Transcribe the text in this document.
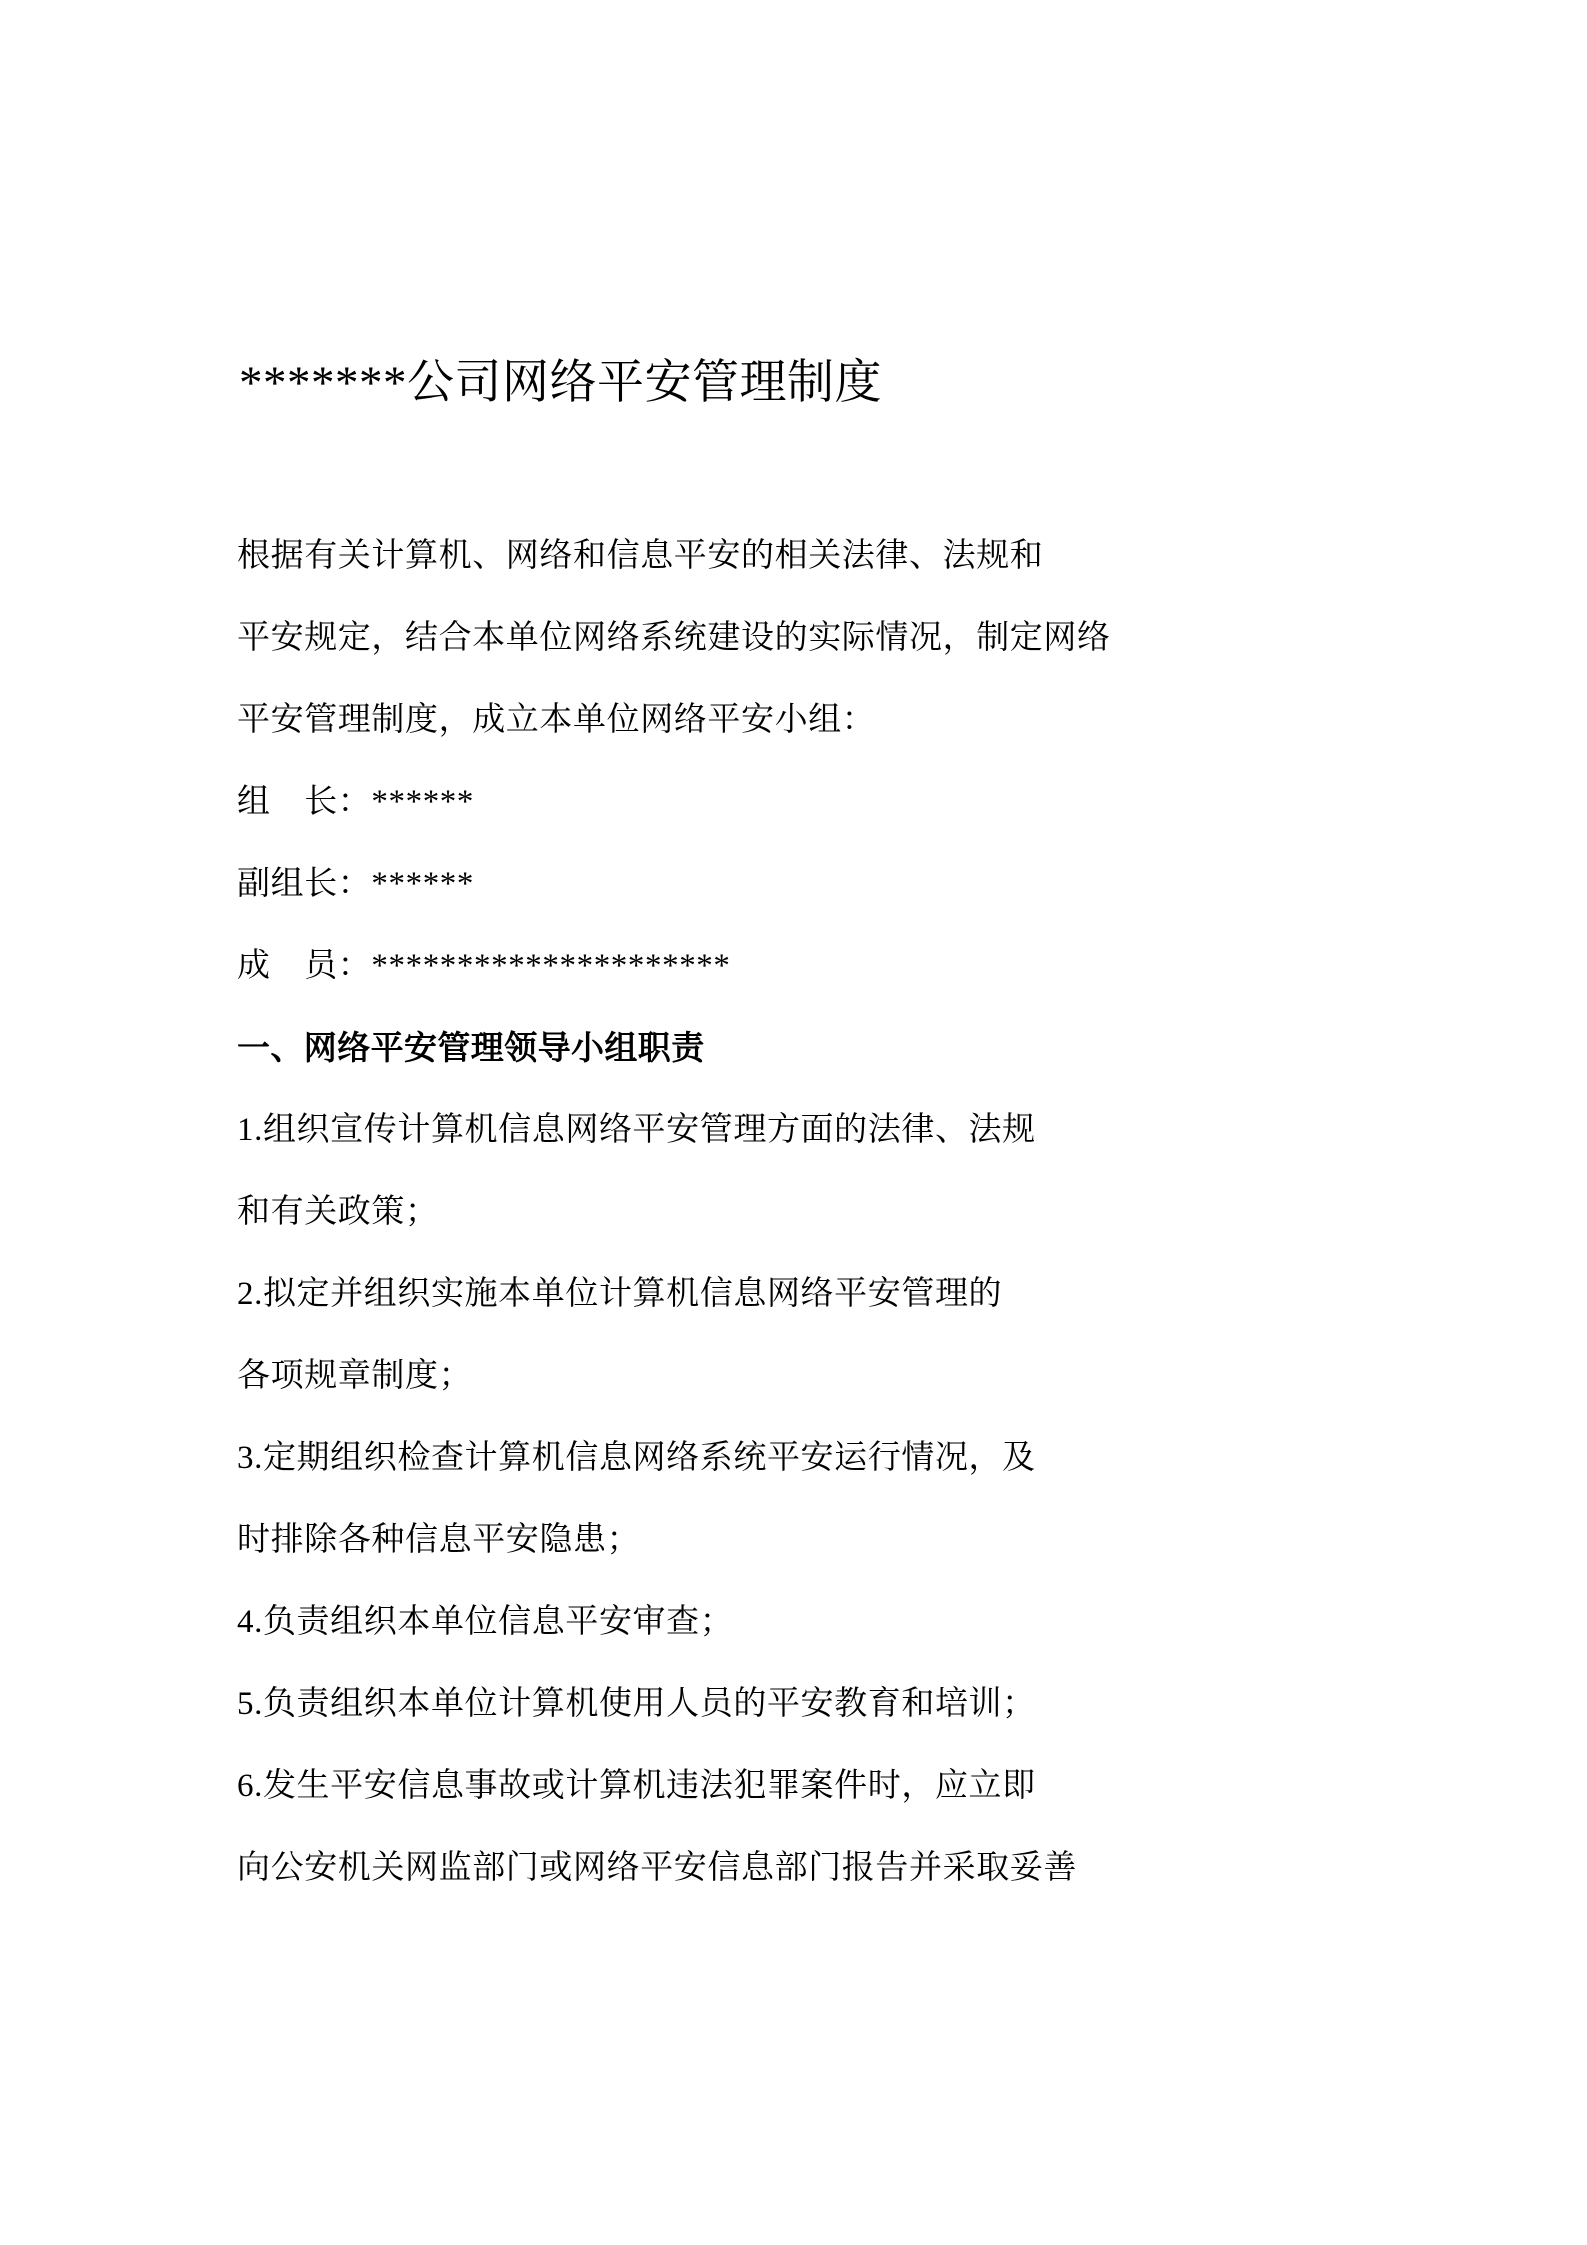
*******公司网络平安管理制度

根据有关计算机、网络和信息平安的相关法律、法规和

平安规定，结合本单位网络系统建设的实际情况，制定网络

平安管理制度，成立本单位网络平安小组：

组　长：******

副组长：******

成　员：*********************

一、网络平安管理领导小组职责

1.组织宣传计算机信息网络平安管理方面的法律、法规

和有关政策；

2.拟定并组织实施本单位计算机信息网络平安管理的

各项规章制度；

3.定期组织检查计算机信息网络系统平安运行情况，及

时排除各种信息平安隐患；

4.负责组织本单位信息平安审查；

5.负责组织本单位计算机使用人员的平安教育和培训；

6.发生平安信息事故或计算机违法犯罪案件时，应立即

向公安机关网监部门或网络平安信息部门报告并采取妥善
